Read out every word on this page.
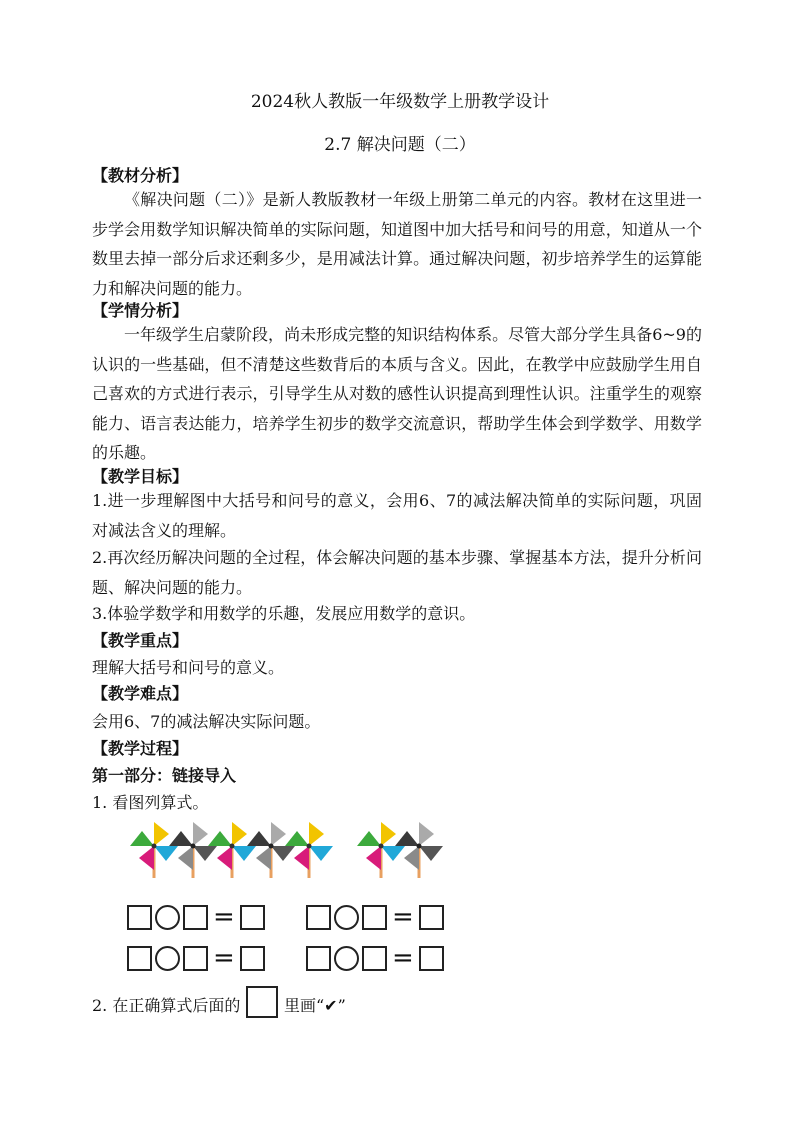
2024秋人教版一年级数学上册教学设计
2.7 解决问题（二）
【教材分析】
《解决问题（二）》是新人教版教材一年级上册第二单元的内容。教材在这里进一步学会用数学知识解决简单的实际问题，知道图中加大括号和问号的用意，知道从一个数里去掉一部分后求还剩多少，是用减法计算。通过解决问题，初步培养学生的运算能力和解决问题的能力。
【学情分析】
一年级学生启蒙阶段，尚未形成完整的知识结构体系。尽管大部分学生具备6~9的认识的一些基础，但不清楚这些数背后的本质与含义。因此，在教学中应鼓励学生用自己喜欢的方式进行表示，引导学生从对数的感性认识提高到理性认识。注重学生的观察能力、语言表达能力，培养学生初步的数学交流意识，帮助学生体会到学数学、用数学的乐趣。
【教学目标】
1.进一步理解图中大括号和问号的意义，会用6、7的减法解决简单的实际问题，巩固对减法含义的理解。
2.再次经历解决问题的全过程，体会解决问题的基本步骤、掌握基本方法，提升分析问题、解决问题的能力。
3.体验学数学和用数学的乐趣，发展应用数学的意识。
【教学重点】
理解大括号和问号的意义。
【教学难点】
会用6、7的减法解决实际问题。
【教学过程】
第一部分：链接导入
1. 看图列算式。
=	=
=	=
2. 在正确算式后面的	里画“✔”
